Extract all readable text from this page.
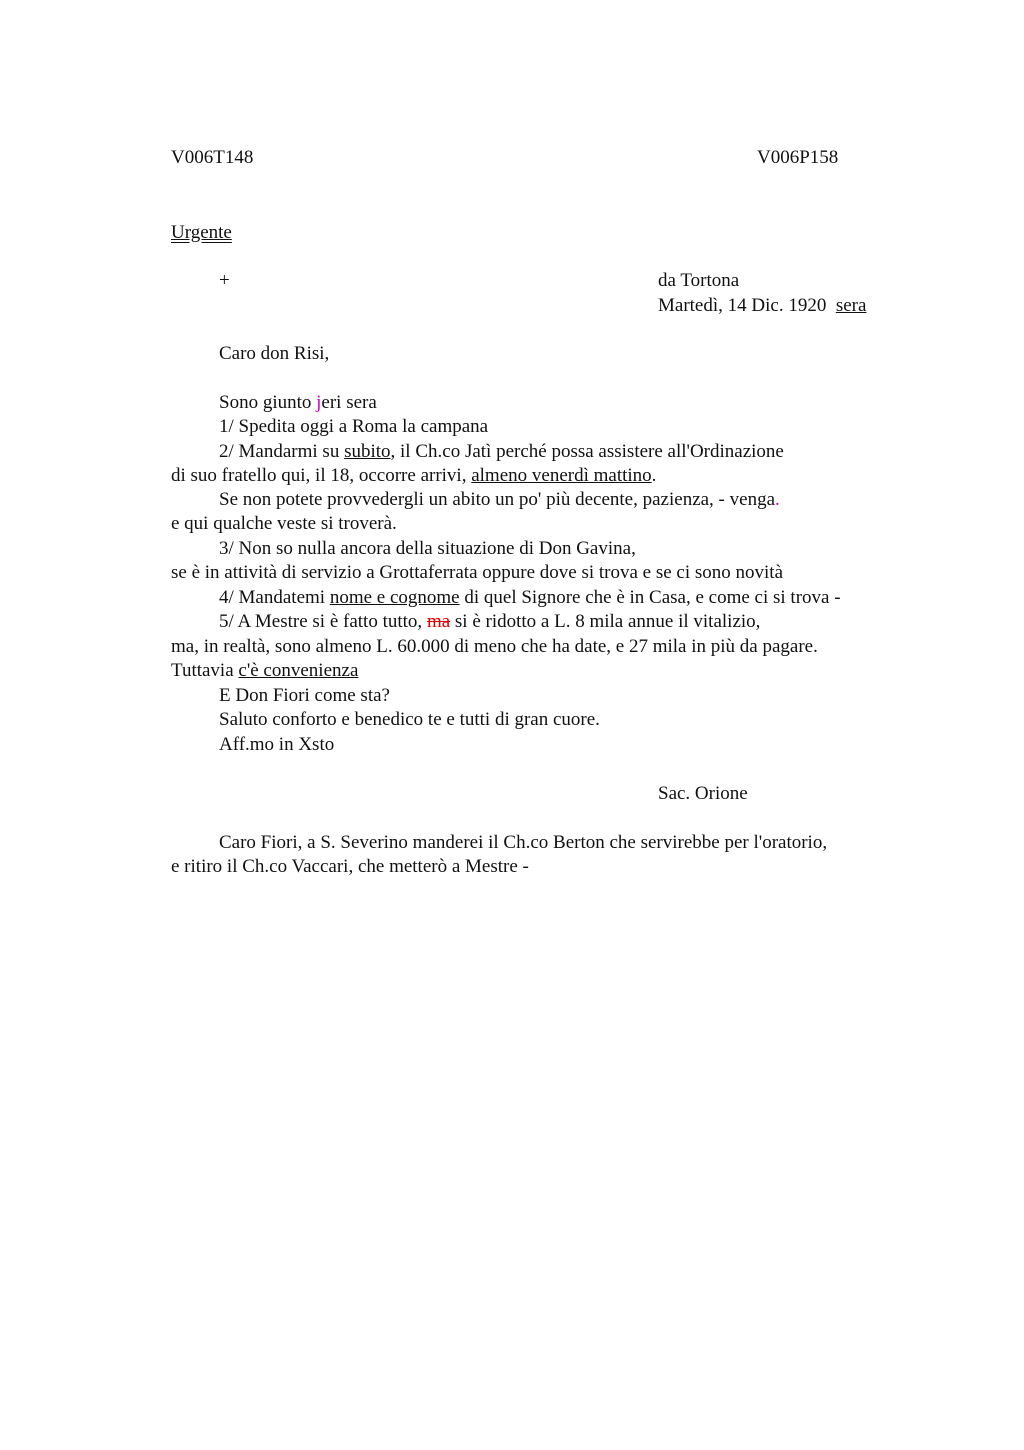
V006T148	V006P158
Urgente
+	da Tortona
Martedì, 14 Dic. 1920 sera
Caro don Risi,
Sono giunto jeri sera
1/ Spedita oggi a Roma la campana
2/ Mandarmi su subito, il Ch.co Jatì perché possa assistere all'Ordinazione
di suo fratello qui, il 18, occorre arrivi, almeno venerdì mattino.
Se non potete provvedergli un abito un po' più decente, pazienza, - venga.
e qui qualche veste si troverà.
3/ Non so nulla ancora della situazione di Don Gavina,
se è in attività di servizio a Grottaferrata oppure dove si trova e se ci sono novità
4/ Mandatemi nome e cognome di quel Signore che è in Casa, e come ci si trova -
5/ A Mestre si è fatto tutto, ma si è ridotto a L. 8 mila annue il vitalizio,
ma, in realtà, sono almeno L. 60.000 di meno che ha date, e 27 mila in più da pagare.
Tuttavia c'è convenienza
E Don Fiori come sta?
Saluto conforto e benedico te e tutti di gran cuore.
Aff.mo in Xsto
Sac. Orione
Caro Fiori, a S. Severino manderei il Ch.co Berton che servirebbe per l'oratorio,
e ritiro il Ch.co Vaccari, che metterò a Mestre -
